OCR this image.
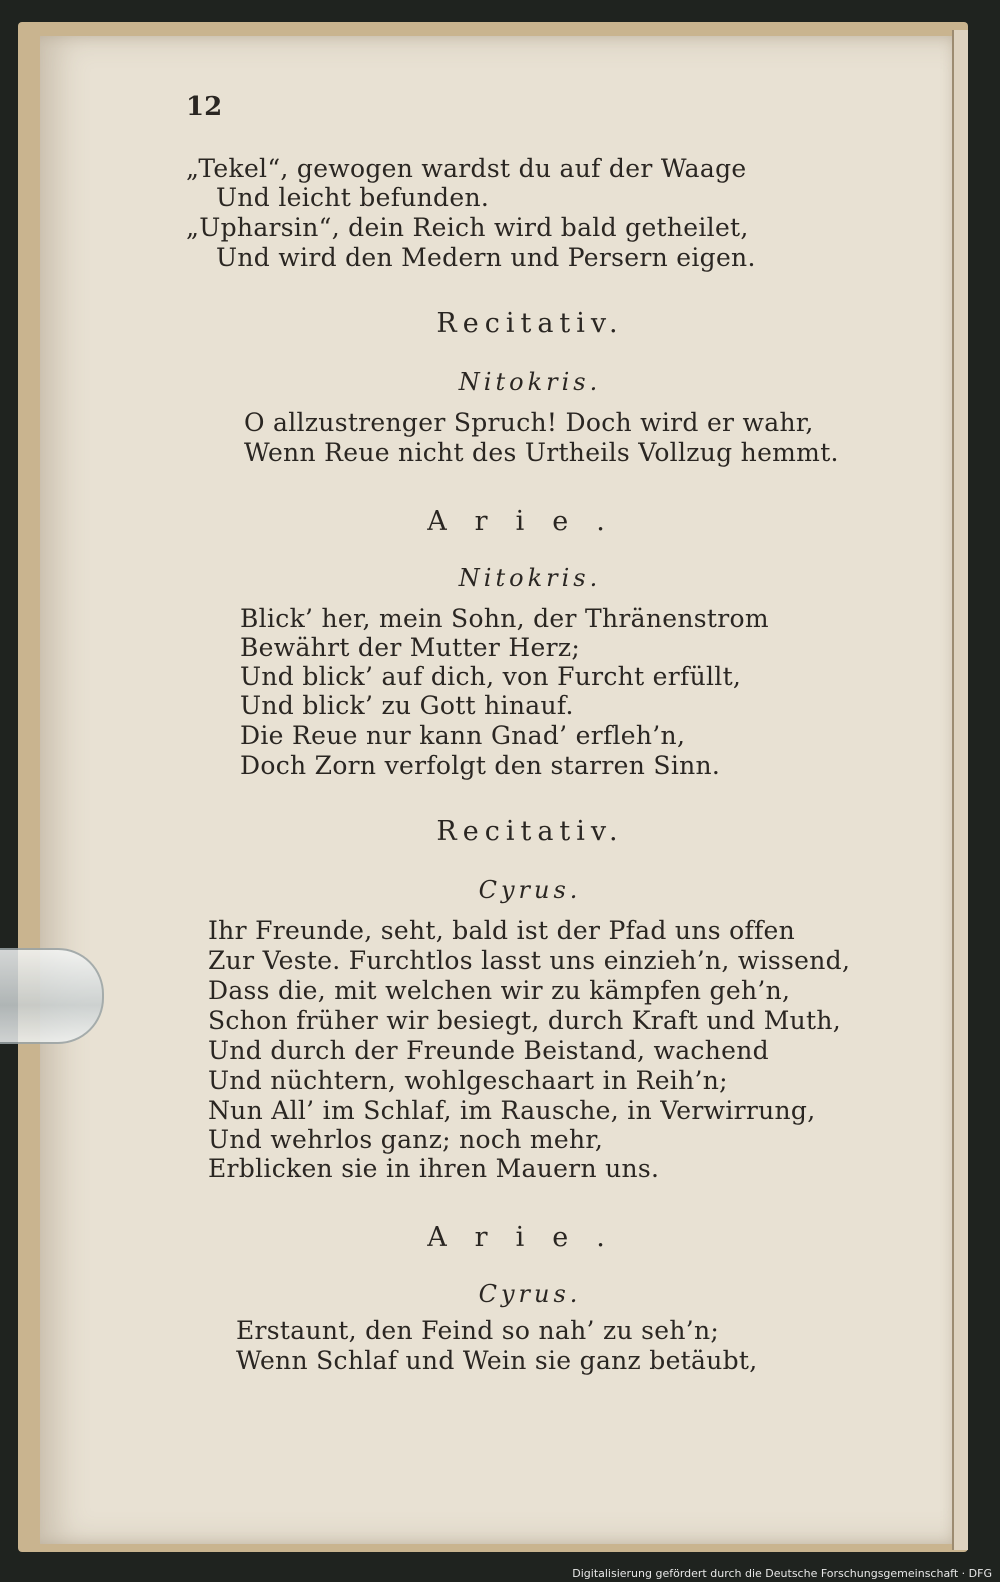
12
„Tekel“, gewogen wardst du auf der Waage
Und leicht befunden.
„Upharsin“, dein Reich wird bald getheilet,
Und wird den Medern und Persern eigen.
Recitativ.
Nitokris.
O allzustrenger Spruch! Doch wird er wahr,
Wenn Reue nicht des Urtheils Vollzug hemmt.
Arie.
Nitokris.
Blick’ her, mein Sohn, der Thränenstrom
Bewährt der Mutter Herz;
Und blick’ auf dich, von Furcht erfüllt,
Und blick’ zu Gott hinauf.
Die Reue nur kann Gnad’ erfleh’n,
Doch Zorn verfolgt den starren Sinn.
Recitativ.
Cyrus.
Ihr Freunde, seht, bald ist der Pfad uns offen
Zur Veste. Furchtlos lasst uns einzieh’n, wissend,
Dass die, mit welchen wir zu kämpfen geh’n,
Schon früher wir besiegt, durch Kraft und Muth,
Und durch der Freunde Beistand, wachend
Und nüchtern, wohlgeschaart in Reih’n;
Nun All’ im Schlaf, im Rausche, in Verwirrung,
Und wehrlos ganz; noch mehr,
Erblicken sie in ihren Mauern uns.
Arie.
Cyrus.
Erstaunt, den Feind so nah’ zu seh’n;
Wenn Schlaf und Wein sie ganz betäubt,
Digitalisierung gefördert durch die Deutsche Forschungsgemeinschaft · DFG
